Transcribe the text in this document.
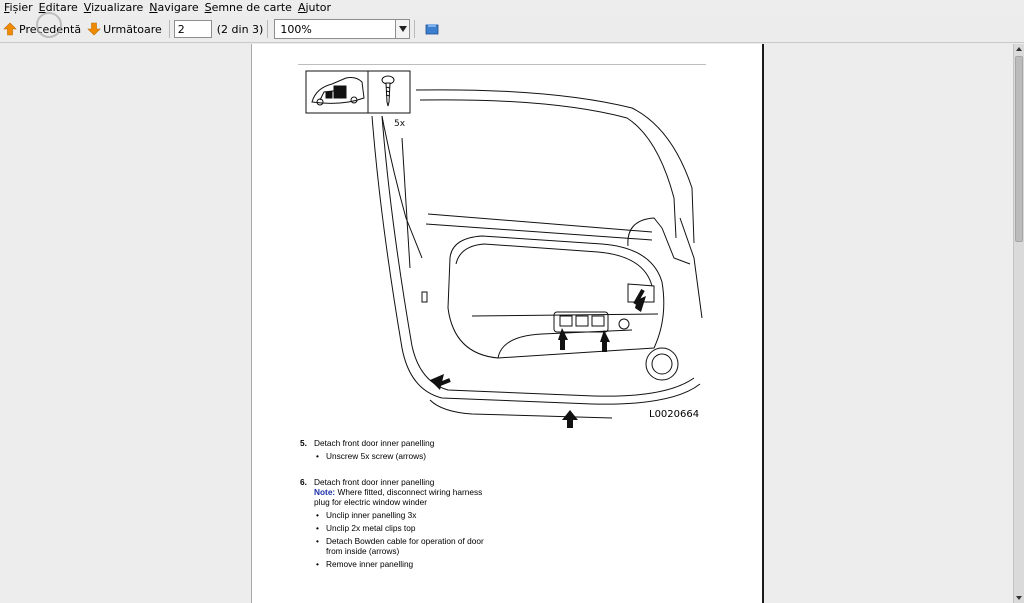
Fișier Editare Vizualizare Navigare Semne de carte Ajutor
Precedentă Următoare
2	(2 din 3)	100%
5x
L0020664
5. Detach front door inner panelling
• Unscrew 5x screw (arrows)
6. Detach front door inner panelling
Note: Where fitted, disconnect wiring harness plug for electric window winder
• Unclip inner panelling 3x
• Unclip 2x metal clips top
• Detach Bowden cable for operation of door from inside (arrows)
• Remove inner panelling
